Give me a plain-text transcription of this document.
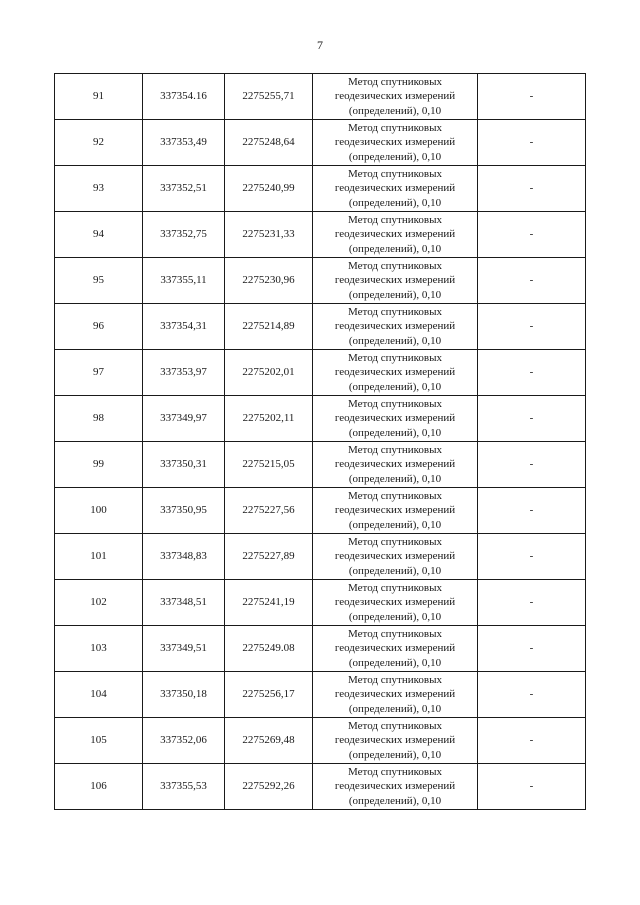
7
91	337354.16	2275255,71	Метод спутниковых
геодезических измерений
(определений), 0,10	-
92	337353,49	2275248,64	Метод спутниковых
геодезических измерений
(определений), 0,10	-
93	337352,51	2275240,99	Метод спутниковых
геодезических измерений
(определений), 0,10	-
94	337352,75	2275231,33	Метод спутниковых
геодезических измерений
(определений), 0,10	-
95	337355,11	2275230,96	Метод спутниковых
геодезических измерений
(определений), 0,10	-
96	337354,31	2275214,89	Метод спутниковых
геодезических измерений
(определений), 0,10	-
97	337353,97	2275202,01	Метод спутниковых
геодезических измерений
(определений), 0,10	-
98	337349,97	2275202,11	Метод спутниковых
геодезических измерений
(определений), 0,10	-
99	337350,31	2275215,05	Метод спутниковых
геодезических измерений
(определений), 0,10	-
100	337350,95	2275227,56	Метод спутниковых
геодезических измерений
(определений), 0,10	-
101	337348,83	2275227,89	Метод спутниковых
геодезических измерений
(определений), 0,10	-
102	337348,51	2275241,19	Метод спутниковых
геодезических измерений
(определений), 0,10	-
103	337349,51	2275249.08	Метод спутниковых
геодезических измерений
(определений), 0,10	-
104	337350,18	2275256,17	Метод спутниковых
геодезических измерений
(определений), 0,10	-
105	337352,06	2275269,48	Метод спутниковых
геодезических измерений
(определений), 0,10	-
106	337355,53	2275292,26	Метод спутниковых
геодезических измерений
(определений), 0,10	-
